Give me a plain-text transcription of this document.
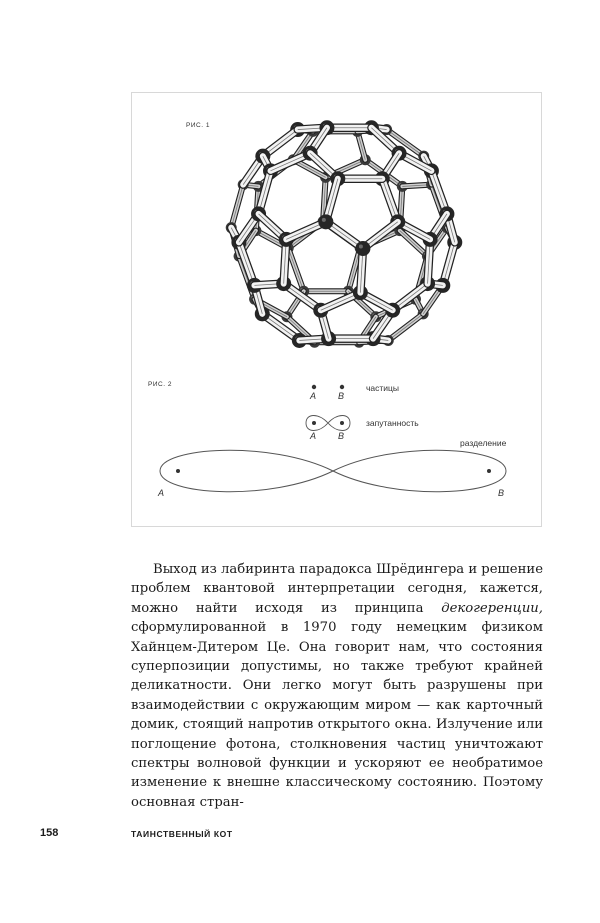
РИС. 1
РИС. 2
A B
частицы
A B
запутанность
разделение
A	B

Выход из лабиринта парадокса Шрёдингера и решение проблем квантовой интерпретации сегодня, кажется, можно найти исходя из принципа декогеренции, сформулированной в 1970 году немецким физиком Хайнцем-Дитером Це. Она говорит нам, что состояния суперпозиции допустимы, но также требуют крайней деликатности. Они легко могут быть разрушены при взаимодействии с окружающим миром — как карточный домик, стоящий напротив открытого окна. Излучение или поглощение фотона, столкновения частиц уничтожают спектры волновой функции и ускоряют ее необратимое изменение к внешне классическому состоянию. Поэтому основная стран-

158	ТАИНСТВЕННЫЙ КОТ
